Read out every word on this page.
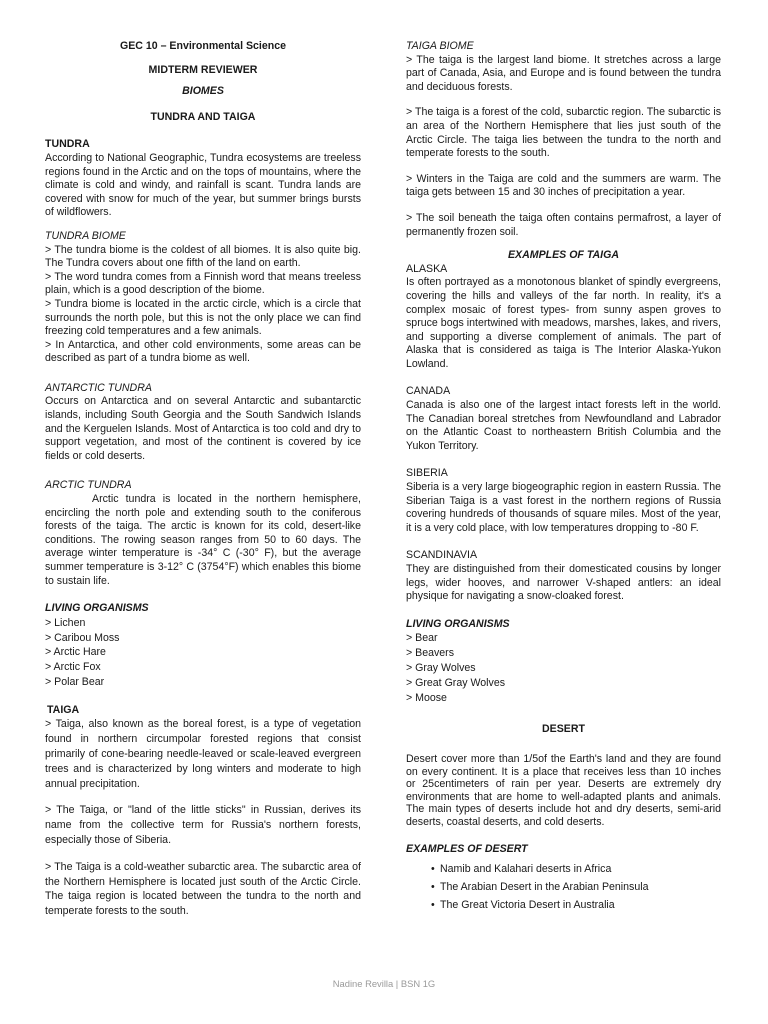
GEC 10 – Environmental Science

MIDTERM REVIEWER

BIOMES

TUNDRA AND TAIGA

TUNDRA

According to National Geographic, Tundra ecosystems are treeless regions found in the Arctic and on the tops of mountains, where the climate is cold and windy, and rainfall is scant. Tundra lands are covered with snow for much of the year, but summer brings bursts of wildflowers.

TUNDRA BIOME

> The tundra biome is the coldest of all biomes. It is also quite big. The Tundra covers about one fifth of the land on earth.

> The word tundra comes from a Finnish word that means treeless plain, which is a good description of the biome.

> Tundra biome is located in the arctic circle, which is a circle that surrounds the north pole, but this is not the only place we can find freezing cold temperatures and a few animals.

> In Antarctica, and other cold environments, some areas can be described as part of a tundra biome as well.

ANTARCTIC TUNDRA

Occurs on Antarctica and on several Antarctic and subantarctic islands, including South Georgia and the South Sandwich Islands and the Kerguelen Islands. Most of Antarctica is too cold and dry to support vegetation, and most of the continent is covered by ice fields or cold deserts.

ARCTIC TUNDRA

Arctic tundra is located in the northern hemisphere, encircling the north pole and extending south to the coniferous forests of the taiga. The arctic is known for its cold, desert-like conditions. The rowing season ranges from 50 to 60 days. The average winter temperature is -34° C (-30° F), but the average summer temperature is 3-12° C (3754°F) which enables this biome to sustain life.

LIVING ORGANISMS

> Lichen
> Caribou Moss
> Arctic Hare
> Arctic Fox
> Polar Bear

TAIGA

> Taiga, also known as the boreal forest, is a type of vegetation found in northern circumpolar forested regions that consist primarily of cone-bearing needle-leaved or scale-leaved evergreen trees and is characterized by long winters and moderate to high annual precipitation.

> The Taiga, or "land of the little sticks" in Russian, derives its name from the collective term for Russia's northern forests, especially those of Siberia.

> The Taiga is a cold-weather subarctic area. The subarctic area of the Northern Hemisphere is located just south of the Arctic Circle. The taiga region is located between the tundra to the north and temperate forests to the south.

TAIGA BIOME

> The taiga is the largest land biome. It stretches across a large part of Canada, Asia, and Europe and is found between the tundra and deciduous forests.

> The taiga is a forest of the cold, subarctic region. The subarctic is an area of the Northern Hemisphere that lies just south of the Arctic Circle. The taiga lies between the tundra to the north and temperate forests to the south.

> Winters in the Taiga are cold and the summers are warm. The taiga gets between 15 and 30 inches of precipitation a year.

> The soil beneath the taiga often contains permafrost, a layer of permanently frozen soil.

EXAMPLES OF TAIGA

ALASKA

Is often portrayed as a monotonous blanket of spindly evergreens, covering the hills and valleys of the far north. In reality, it's a complex mosaic of forest types- from sunny aspen groves to spruce bogs intertwined with meadows, marshes, lakes, and rivers, and supporting a diverse complement of animals. The part of Alaska that is considered as taiga is The Interior Alaska-Yukon Lowland.

CANADA

Canada is also one of the largest intact forests left in the world. The Canadian boreal stretches from Newfoundland and Labrador on the Atlantic Coast to northeastern British Columbia and the Yukon Territory.

SIBERIA

Siberia is a very large biogeographic region in eastern Russia. The Siberian Taiga is a vast forest in the northern regions of Russia covering hundreds of thousands of square miles. Most of the year, it is a very cold place, with low temperatures dropping to -80 F.

SCANDINAVIA

They are distinguished from their domesticated cousins by longer legs, wider hooves, and narrower V-shaped antlers: an ideal physique for navigating a snow-cloaked forest.

LIVING ORGANISMS

> Bear
> Beavers
> Gray Wolves
> Great Gray Wolves
> Moose

DESERT

Desert cover more than 1/5of the Earth's land and they are found on every continent. It is a place that receives less than 10 inches or 25centimeters of rain per year. Deserts are extremely dry environments that are home to well-adapted plants and animals. The main types of deserts include hot and dry deserts, semi-arid deserts, coastal deserts, and cold deserts.

EXAMPLES OF DESERT

• Namib and Kalahari deserts in Africa
• The Arabian Desert in the Arabian Peninsula
• The Great Victoria Desert in Australia
Nadine Revilla | BSN 1G
